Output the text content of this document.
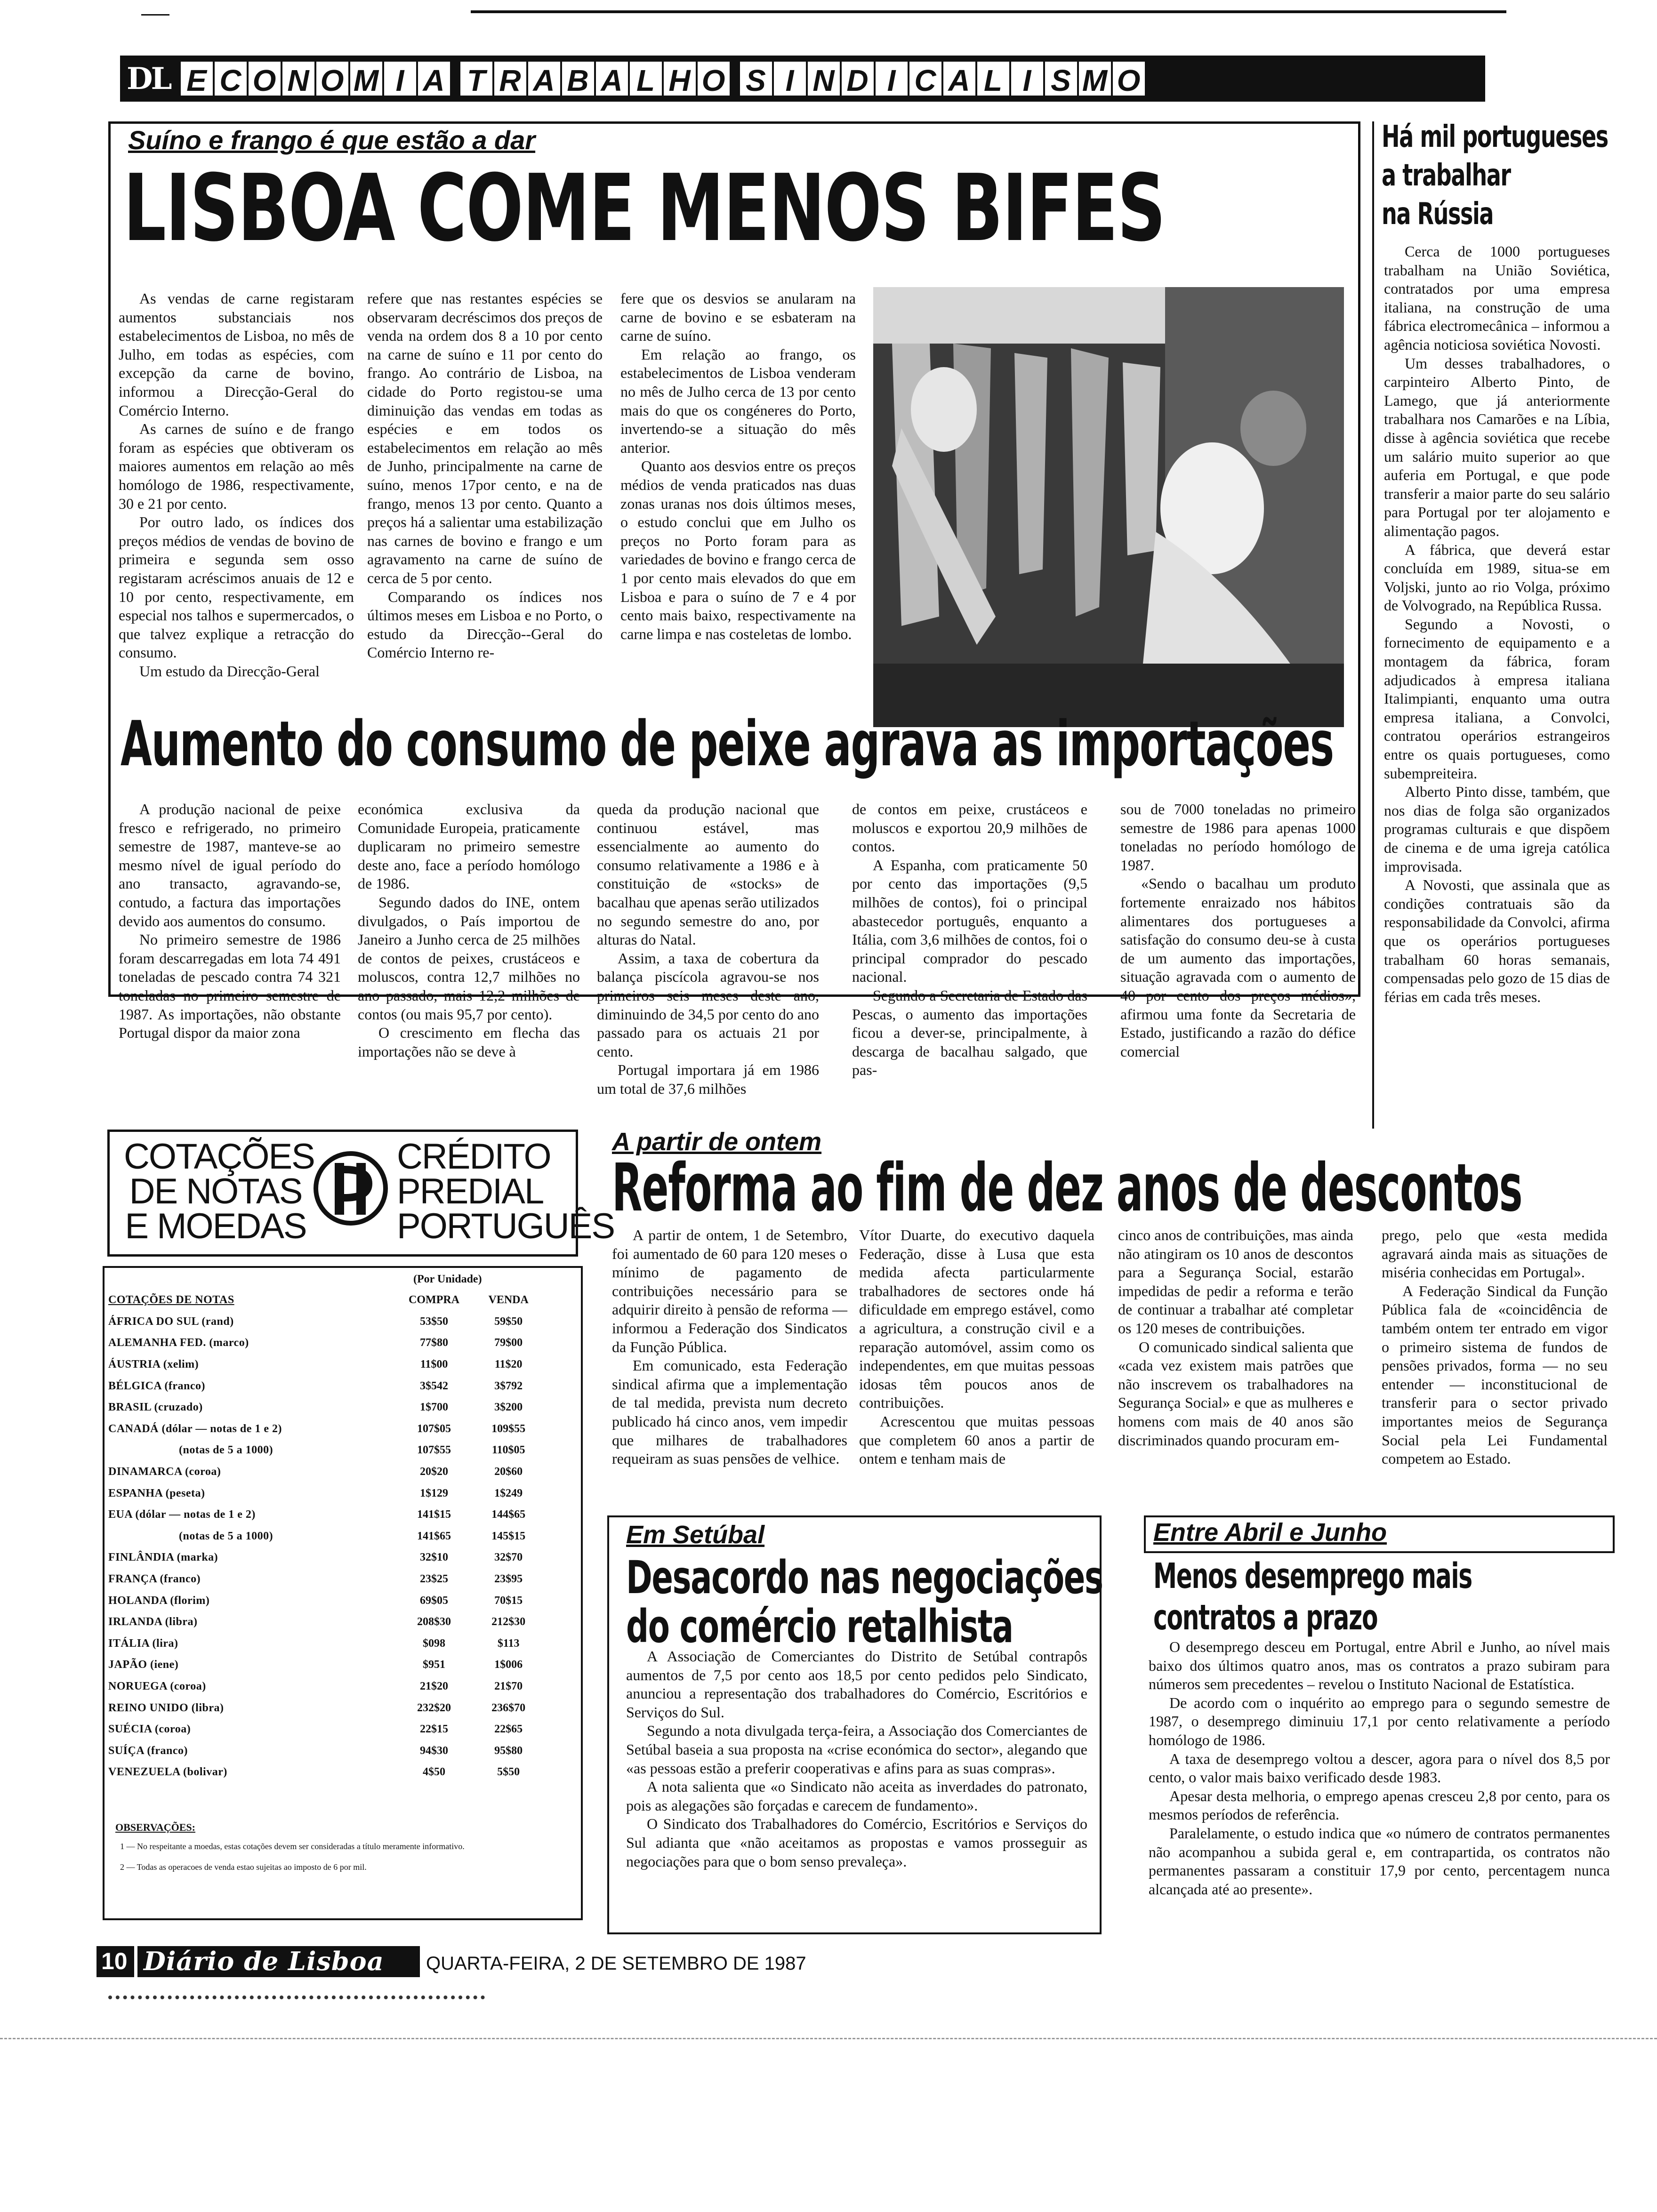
DL E C O N O M I A T R A B A L H O S I N D I C A L I S M O
Suíno e frango é que estão a dar
LISBOA COME MENOS BIFES

As vendas de carne registaram aumentos substanciais nos estabelecimentos de Lisboa, no mês de Julho, em todas as espécies, com excepção da carne de bovino, informou a Direcção-Geral do Comércio Interno.

As carnes de suíno e de frango foram as espécies que obtiveram os maiores aumentos em relação ao mês homólogo de 1986, respectivamente, 30 e 21 por cento.

Por outro lado, os índices dos preços médios de vendas de bovino de primeira e segunda sem osso registaram acréscimos anuais de 12 e 10 por cento, respectivamente, em especial nos talhos e supermercados, o que talvez explique a retracção do consumo.

Um estudo da Direcção-Geral

refere que nas restantes espécies se observaram decréscimos dos preços de venda na ordem dos 8 a 10 por cento na carne de suíno e 11 por cento do frango. Ao contrário de Lisboa, na cidade do Porto registou-se uma diminuição das vendas em todas as espécies e em todos os estabelecimentos em relação ao mês de Junho, principalmente na carne de suíno, menos 17por cento, e na de frango, menos 13 por cento. Quanto a preços há a salientar uma estabilização nas carnes de bovino e frango e um agravamento na carne de suíno de cerca de 5 por cento.

Comparando os índices nos últimos meses em Lisboa e no Porto, o estudo da Direcção--Geral do Comércio Interno re-

fere que os desvios se anularam na carne de bovino e se esbateram na carne de suíno.

Em relação ao frango, os estabelecimentos de Lisboa venderam no mês de Julho cerca de 13 por cento mais do que os congéneres do Porto, invertendo-se a situação do mês anterior.

Quanto aos desvios entre os preços médios de venda praticados nas duas zonas uranas nos dois últimos meses, o estudo conclui que em Julho os preços no Porto foram para as variedades de bovino e frango cerca de 1 por cento mais elevados do que em Lisboa e para o suíno de 7 e 4 por cento mais baixo, respectivamente na carne limpa e nas costeletas de lombo.

Aumento do consumo de peixe agrava as importações

A produção nacional de peixe fresco e refrigerado, no primeiro semestre de 1987, manteve-se ao mesmo nível de igual período do ano transacto, agravando-se, contudo, a factura das importações devido aos aumentos do consumo.

No primeiro semestre de 1986 foram descarregadas em lota 74 491 toneladas de pescado contra 74 321 toneladas no primeiro semestre de 1987. As importações, não obstante Portugal dispor da maior zona

económica exclusiva da Comunidade Europeia, praticamente duplicaram no primeiro semestre deste ano, face a período homólogo de 1986.

Segundo dados do INE, ontem divulgados, o País importou de Janeiro a Junho cerca de 25 milhões de contos de peixes, crustáceos e moluscos, contra 12,7 milhões no ano passado, mais 12,2 milhões de contos (ou mais 95,7 por cento).

O crescimento em flecha das importações não se deve à

queda da produção nacional que continuou estável, mas essencialmente ao aumento do consumo relativamente a 1986 e à constituição de «stocks» de bacalhau que apenas serão utilizados no segundo semestre do ano, por alturas do Natal.

Assim, a taxa de cobertura da balança piscícola agravou-se nos primeiros seis meses deste ano, diminuindo de 34,5 por cento do ano passado para os actuais 21 por cento.

Portugal importara já em 1986 um total de 37,6 milhões

de contos em peixe, crustáceos e moluscos e exportou 20,9 milhões de contos.

A Espanha, com praticamente 50 por cento das importações (9,5 milhões de contos), foi o principal abastecedor português, enquanto a Itália, com 3,6 milhões de contos, foi o principal comprador do pescado nacional.

Segundo a Secretaria de Estado das Pescas, o aumento das importações ficou a dever-se, principalmente, à descarga de bacalhau salgado, que pas-

sou de 7000 toneladas no primeiro semestre de 1986 para apenas 1000 toneladas no período homólogo de 1987.

«Sendo o bacalhau um produto fortemente enraizado nos hábitos alimentares dos portugueses a satisfação do consumo deu-se à custa de um aumento das importações, situação agravada com o aumento de 40 por cento dos preços médios», afirmou uma fonte da Secretaria de Estado, justificando a razão do défice comercial

Há mil portugueses
a trabalhar
na Rússia

Cerca de 1000 portugueses trabalham na União Soviética, contratados por uma empresa italiana, na construção de uma fábrica electromecânica – informou a agência noticiosa soviética Novosti.

Um desses trabalhadores, o carpinteiro Alberto Pinto, de Lamego, que já anteriormente trabalhara nos Camarões e na Líbia, disse à agência soviética que recebe um salário muito superior ao que auferia em Portugal, e que pode transferir a maior parte do seu salário para Portugal por ter alojamento e alimentação pagos.

A fábrica, que deverá estar concluída em 1989, situa-se em Voljski, junto ao rio Volga, próximo de Volvogrado, na República Russa.

Segundo a Novosti, o fornecimento de equipamento e a montagem da fábrica, foram adjudicados à empresa italiana Italimpianti, enquanto uma outra empresa italiana, a Convolci, contratou operários estrangeiros entre os quais portugueses, como subempreiteira.

Alberto Pinto disse, também, que nos dias de folga são organizados programas culturais e que dispõem de cinema e de uma igreja católica improvisada.

A Novosti, que assinala que as condições contratuais são da responsabilidade da Convolci, afirma que os operários portugueses trabalham 60 horas semanais, compensadas pelo gozo de 15 dias de férias em cada três meses.

COTAÇÕES
DE NOTAS
E MOEDAS
CRÉDITO
PREDIAL
PORTUGUÊS
(Por Unidade)
COTAÇÕES DE NOTAS	COMPRA	VENDA
ÁFRICA DO SUL (rand)	53$50	59$50
ALEMANHA FED. (marco)	77$80	79$00
ÁUSTRIA (xelim)	11$00	11$20
BÉLGICA (franco)	3$542	3$792
BRASIL (cruzado)	1$700	3$200
CANADÁ (dólar — notas de 1 e 2)	107$05	109$55
(notas de 5 a 1000)	107$55	110$05
DINAMARCA (coroa)	20$20	20$60
ESPANHA (peseta)	1$129	1$249
EUA (dólar — notas de 1 e 2)	141$15	144$65
(notas de 5 a 1000)	141$65	145$15
FINLÂNDIA (marka)	32$10	32$70
FRANÇA (franco)	23$25	23$95
HOLANDA (florim)	69$05	70$15
IRLANDA (libra)	208$30	212$30
ITÁLIA (lira)	$098	$113
JAPÃO (iene)	$951	1$006
NORUEGA (coroa)	21$20	21$70
REINO UNIDO (libra)	232$20	236$70
SUÉCIA (coroa)	22$15	22$65
SUÍÇA (franco)	94$30	95$80
VENEZUELA (bolivar)	4$50	5$50
OBSERVAÇÕES:
1 — No respeitante a moedas, estas cotações devem ser consideradas a título meramente informativo.
2 — Todas as operacoes de venda estao sujeitas ao imposto de 6 por mil.
A partir de ontem
Reforma ao fim de dez anos de descontos

A partir de ontem, 1 de Setembro, foi aumentado de 60 para 120 meses o mínimo de pagamento de contribuições necessário para se adquirir direito à pensão de reforma — informou a Federação dos Sindicatos da Função Pública.

Em comunicado, esta Federação sindical afirma que a implementação de tal medida, prevista num decreto publicado há cinco anos, vem impedir que milhares de trabalhadores requeiram as suas pensões de velhice.

Vítor Duarte, do executivo daquela Federação, disse à Lusa que esta medida afecta particularmente trabalhadores de sectores onde há dificuldade em emprego estável, como a agricultura, a construção civil e a reparação automóvel, assim como os independentes, em que muitas pessoas idosas têm poucos anos de contribuições.

Acrescentou que muitas pessoas que completem 60 anos a partir de ontem e tenham mais de

cinco anos de contribuições, mas ainda não atingiram os 10 anos de descontos para a Segurança Social, estarão impedidas de pedir a reforma e terão de continuar a trabalhar até completar os 120 meses de contribuições.

O comunicado sindical salienta que «cada vez existem mais patrões que não inscrevem os trabalhadores na Segurança Social» e que as mulheres e homens com mais de 40 anos são discriminados quando procuram em-

prego, pelo que «esta medida agravará ainda mais as situações de miséria conhecidas em Portugal».

A Federação Sindical da Função Pública fala de «coincidência de também ontem ter entrado em vigor o primeiro sistema de fundos de pensões privados, forma — no seu entender — inconstitucional de transferir para o sector privado importantes meios de Segurança Social pela Lei Fundamental competem ao Estado.

Em Setúbal
Desacordo nas negociações
do comércio retalhista

A Associação de Comerciantes do Distrito de Setúbal contrapôs aumentos de 7,5 por cento aos 18,5 por cento pedidos pelo Sindicato, anunciou a representação dos trabalhadores do Comércio, Escritórios e Serviços do Sul.

Segundo a nota divulgada terça-feira, a Associação dos Comerciantes de Setúbal baseia a sua proposta na «crise económica do sector», alegando que «as pessoas estão a preferir cooperativas e afins para as suas compras».

A nota salienta que «o Sindicato não aceita as inverdades do patronato, pois as alegações são forçadas e carecem de fundamento».

O Sindicato dos Trabalhadores do Comércio, Escritórios e Serviços do Sul adianta que «não aceitamos as propostas e vamos prosseguir as negociações para que o bom senso prevaleça».

Entre Abril e Junho
Menos desemprego mais
contratos a prazo

O desemprego desceu em Portugal, entre Abril e Junho, ao nível mais baixo dos últimos quatro anos, mas os contratos a prazo subiram para números sem precedentes – revelou o Instituto Nacional de Estatística.

De acordo com o inquérito ao emprego para o segundo semestre de 1987, o desemprego diminuiu 17,1 por cento relativamente a período homólogo de 1986.

A taxa de desemprego voltou a descer, agora para o nível dos 8,5 por cento, o valor mais baixo verificado desde 1983.

Apesar desta melhoria, o emprego apenas cresceu 2,8 por cento, para os mesmos períodos de referência.

Paralelamente, o estudo indica que «o número de contratos permanentes não acompanhou a subida geral e, em contrapartida, os contratos não permanentes passaram a constituir 17,9 por cento, percentagem nunca alcançada até ao presente».

10 Diário de Lisboa QUARTA-FEIRA, 2 DE SETEMBRO DE 1987
